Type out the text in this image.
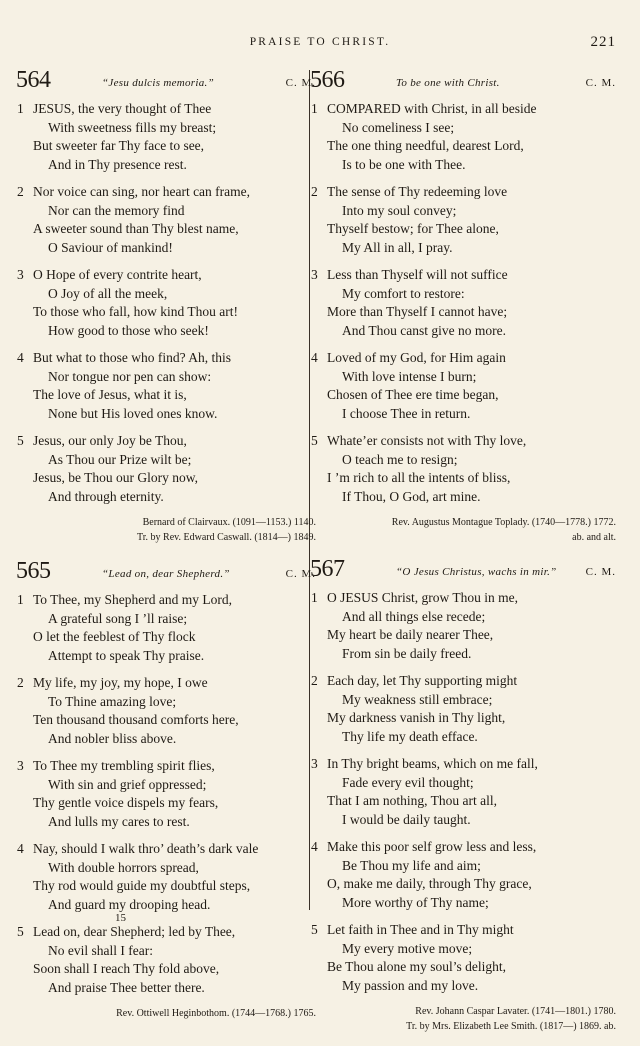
PRAISE TO CHRIST.	221
564	“Jesu dulcis memoria.”	C. M.
1 JESUS, the very thought of Thee
With sweetness fills my breast;
But sweeter far Thy face to see,
And in Thy presence rest.
2 Nor voice can sing, nor heart can frame,
Nor can the memory find
A sweeter sound than Thy blest name,
O Saviour of mankind!
3 O Hope of every contrite heart,
O Joy of all the meek,
To those who fall, how kind Thou art!
How good to those who seek!
4 But what to those who find? Ah, this
Nor tongue nor pen can show:
The love of Jesus, what it is,
None but His loved ones know.
5 Jesus, our only Joy be Thou,
As Thou our Prize wilt be;
Jesus, be Thou our Glory now,
And through eternity.
Bernard of Clairvaux. (1091—1153.) 1140.
Tr. by Rev. Edward Caswall. (1814—) 1849.
565	“Lead on, dear Shepherd.”	C. M.
1 To Thee, my Shepherd and my Lord,
A grateful song I ’ll raise;
O let the feeblest of Thy flock
Attempt to speak Thy praise.
2 My life, my joy, my hope, I owe
To Thine amazing love;
Ten thousand thousand comforts here,
And nobler bliss above.
3 To Thee my trembling spirit flies,
With sin and grief oppressed;
Thy gentle voice dispels my fears,
And lulls my cares to rest.
4 Nay, should I walk thro’ death’s dark vale
With double horrors spread,
Thy rod would guide my doubtful steps,
And guard my drooping head.
5 Lead on, dear Shepherd; led by Thee,
No evil shall I fear:
Soon shall I reach Thy fold above,
And praise Thee better there.
Rev. Ottiwell Heginbothom. (1744—1768.) 1765.
566	To be one with Christ.	C. M.
1 COMPARED with Christ, in all beside
No comeliness I see;
The one thing needful, dearest Lord,
Is to be one with Thee.
2 The sense of Thy redeeming love
Into my soul convey;
Thyself bestow; for Thee alone,
My All in all, I pray.
3 Less than Thyself will not suffice
My comfort to restore:
More than Thyself I cannot have;
And Thou canst give no more.
4 Loved of my God, for Him again
With love intense I burn;
Chosen of Thee ere time began,
I choose Thee in return.
5 Whate’er consists not with Thy love,
O teach me to resign;
I ’m rich to all the intents of bliss,
If Thou, O God, art mine.
Rev. Augustus Montague Toplady. (1740—1778.) 1772.
ab. and alt.
567	“O Jesus Christus, wachs in mir.”	C. M.
1 O JESUS Christ, grow Thou in me,
And all things else recede;
My heart be daily nearer Thee,
From sin be daily freed.
2 Each day, let Thy supporting might
My weakness still embrace;
My darkness vanish in Thy light,
Thy life my death efface.
3 In Thy bright beams, which on me fall,
Fade every evil thought;
That I am nothing, Thou art all,
I would be daily taught.
4 Make this poor self grow less and less,
Be Thou my life and aim;
O, make me daily, through Thy grace,
More worthy of Thy name;
5 Let faith in Thee and in Thy might
My every motive move;
Be Thou alone my soul’s delight,
My passion and my love.
Rev. Johann Caspar Lavater. (1741—1801.) 1780.
Tr. by Mrs. Elizabeth Lee Smith. (1817—) 1869. ab.
15
